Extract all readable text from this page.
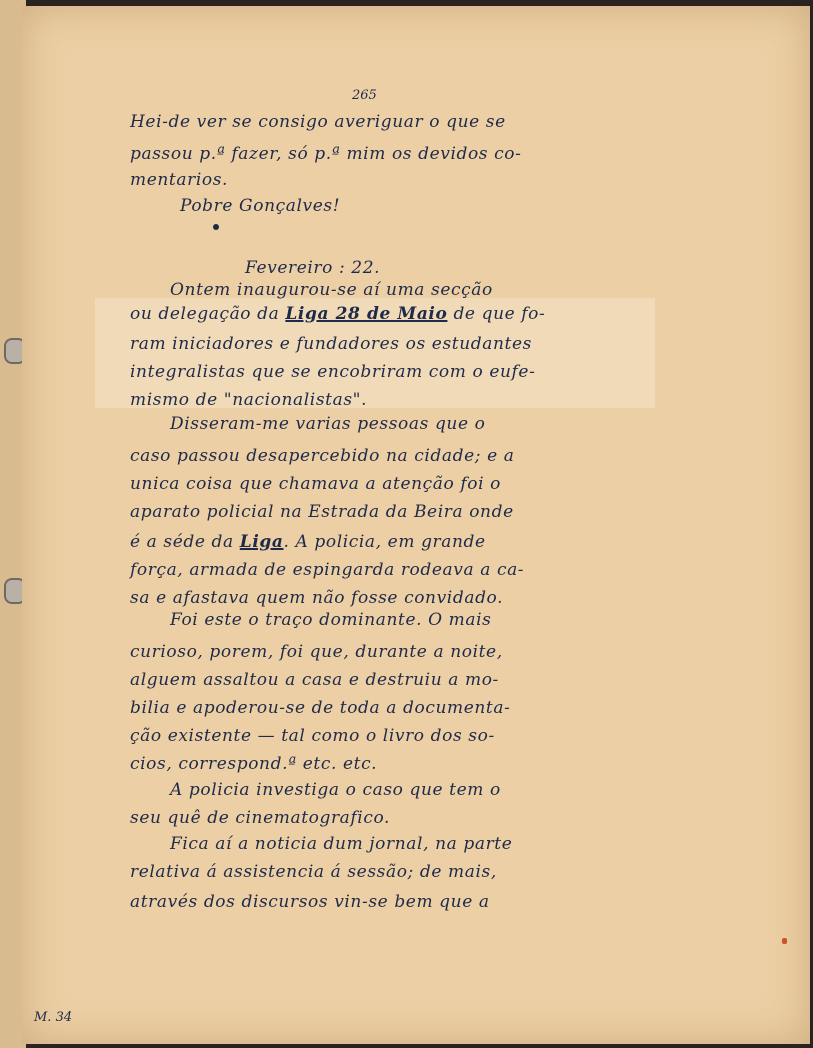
265
Hei-de ver se consigo averiguar o que se
passou p.ª fazer, só p.ª mim os devidos co-
mentarios.
Pobre Gonçalves!
Fevereiro : 22.
Ontem inaugurou-se aí uma secção
ou delegação da Liga 28 de Maio de que fo-
ram iniciadores e fundadores os estudantes
integralistas que se encobriram com o eufe-
mismo de "nacionalistas".
Disseram-me varias pessoas que o
caso passou desapercebido na cidade; e a
unica coisa que chamava a atenção foi o
aparato policial na Estrada da Beira onde
é a séde da Liga. A policia, em grande
força, armada de espingarda rodeava a ca-
sa e afastava quem não fosse convidado.
Foi este o traço dominante. O mais
curioso, porem, foi que, durante a noite,
alguem assaltou a casa e destruiu a mo-
bilia e apoderou-se de toda a documenta-
ção existente — tal como o livro dos so-
cios, correspond.ª etc. etc.
A policia investiga o caso que tem o
seu quê de cinematografico.
Fica aí a noticia dum jornal, na parte
relativa á assistencia á sessão; de mais,
através dos discursos vin-se bem que a
M. 34
